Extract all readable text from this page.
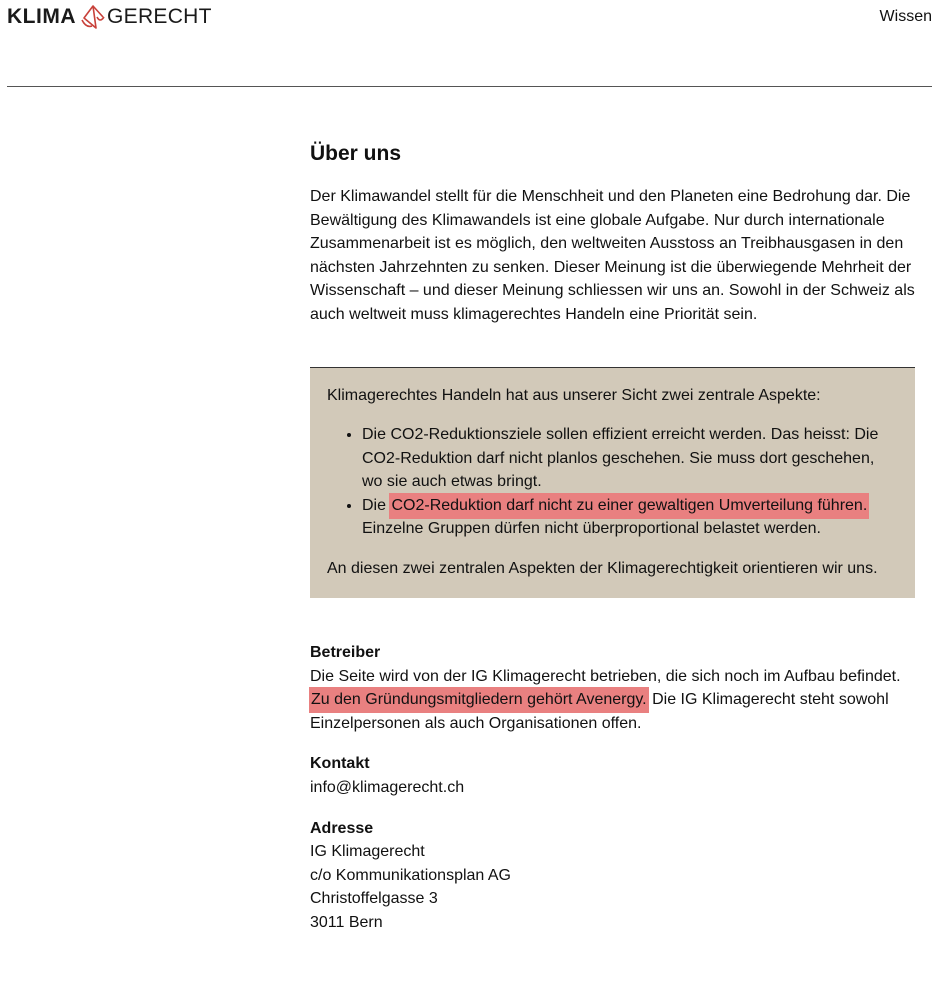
KLIMA GERECHT	Wissen
Über uns

Der Klimawandel stellt für die Menschheit und den Planeten eine Bedrohung dar. Die Bewältigung des Klimawandels ist eine globale Aufgabe. Nur durch internationale Zusammenarbeit ist es möglich, den weltweiten Ausstoss an Treibhausgasen in den nächsten Jahrzehnten zu senken. Dieser Meinung ist die überwiegende Mehrheit der Wissenschaft – und dieser Meinung schliessen wir uns an. Sowohl in der Schweiz als auch weltweit muss klimagerechtes Handeln eine Priorität sein.

Klimagerechtes Handeln hat aus unserer Sicht zwei zentrale Aspekte:

• Die CO2-Reduktionsziele sollen effizient erreicht werden. Das heisst: Die CO2-Reduktion darf nicht planlos geschehen. Sie muss dort geschehen, wo sie auch etwas bringt.
• Die CO2-Reduktion darf nicht zu einer gewaltigen Umverteilung führen. Einzelne Gruppen dürfen nicht überproportional belastet werden.

An diesen zwei zentralen Aspekten der Klimagerechtigkeit orientieren wir uns.

Betreiber

Die Seite wird von der IG Klimagerecht betrieben, die sich noch im Aufbau befindet. Zu den Gründungsmitgliedern gehört Avenergy. Die IG Klimagerecht steht sowohl Einzelpersonen als auch Organisationen offen.

Kontakt

info@klimagerecht.ch

Adresse

IG Klimagerecht

c/o Kommunikationsplan AG

Christoffelgasse 3

3011 Bern
